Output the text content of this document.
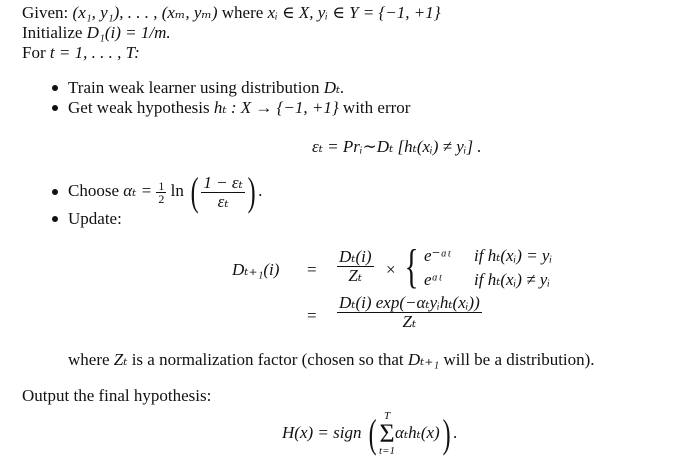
Given: (x₁, y₁), . . . , (xₘ, yₘ) where xᵢ ∈ X, yᵢ ∈ Y = {−1, +1}
Initialize D₁(i) = 1/m.
For t = 1, . . . , T:
Train weak learner using distribution Dₜ.
Get weak hypothesis hₜ : X → {−1, +1} with error
εₜ = Prᵢ∼Dₜ [hₜ(xᵢ) ≠ yᵢ] .
Choose $\alpha_t = \frac{1}{2}$ ln ( $\frac{\text{1 − εₜ}}{\text{εₜ}}$ ) .
Update:
$D_{t+1}(i) = \frac{\text{Dₜ(i)}}{\text{Zₜ}}$ × { e⁻ᵅᵗ if hₜ(xᵢ) = yᵢ
eᵅᵗ if hₜ(xᵢ) ≠ yᵢ
=
Dₜ(i) exp(−αₜyᵢhₜ(xᵢ))
Zₜ
where Zₜ is a normalization factor (chosen so that Dₜ₊₁ will be a distribution).
Output the final hypothesis:
H(x) = sign ( T
Σ
t=1
αₜhₜ(x)) .
